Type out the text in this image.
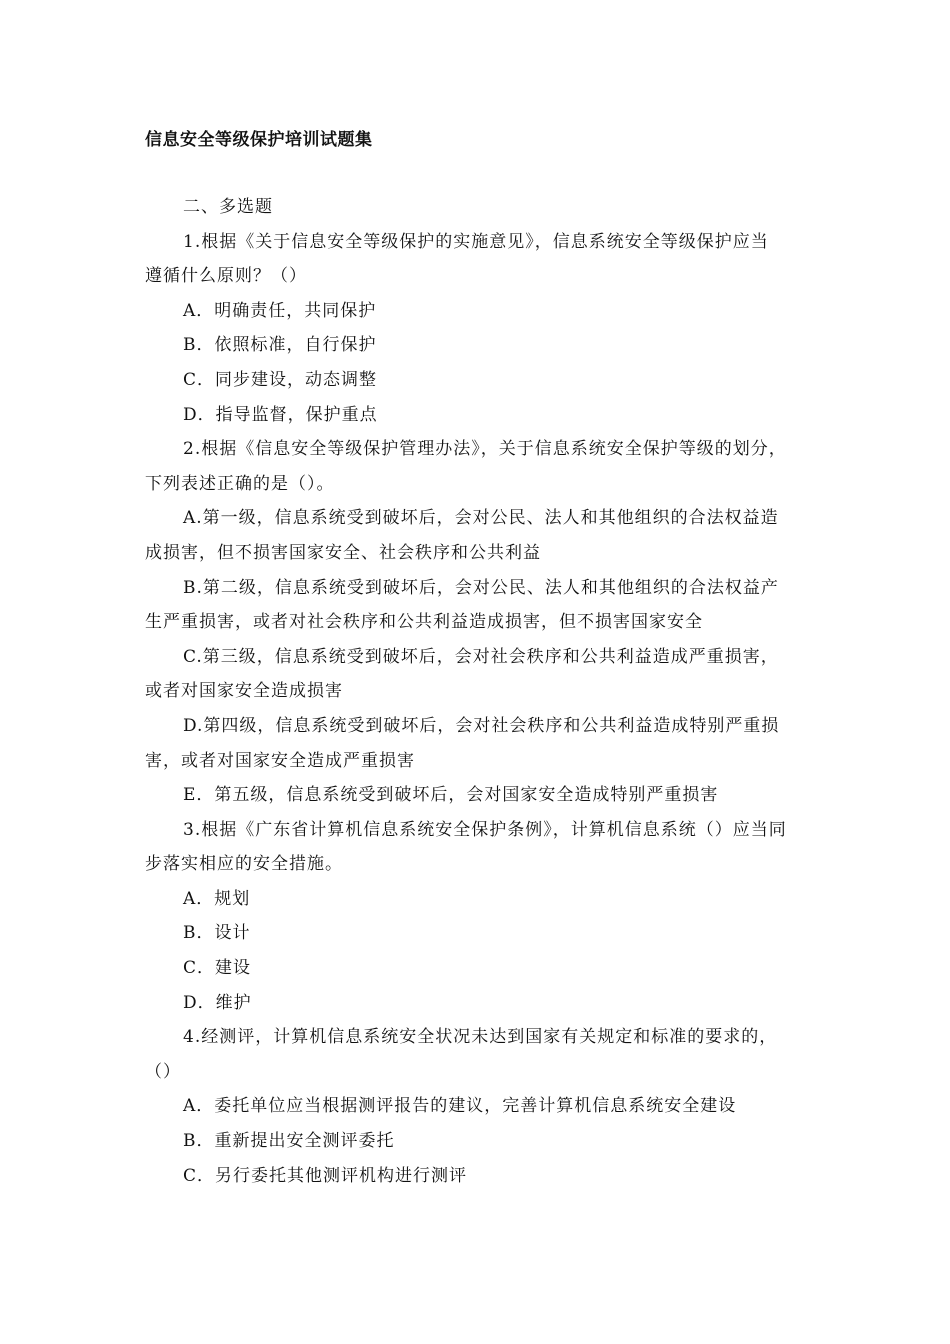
信息安全等级保护培训试题集
二、多选题
1.根据《关于信息安全等级保护的实施意见》，信息系统安全等级保护应当
遵循什么原则？（）
A．明确责任，共同保护
B．依照标准，自行保护
C．同步建设，动态调整
D．指导监督，保护重点
2.根据《信息安全等级保护管理办法》，关于信息系统安全保护等级的划分，
下列表述正确的是（）。
A.第一级，信息系统受到破坏后，会对公民、法人和其他组织的合法权益造
成损害，但不损害国家安全、社会秩序和公共利益
B.第二级，信息系统受到破坏后，会对公民、法人和其他组织的合法权益产
生严重损害，或者对社会秩序和公共利益造成损害，但不损害国家安全
C.第三级，信息系统受到破坏后，会对社会秩序和公共利益造成严重损害，
或者对国家安全造成损害
D.第四级，信息系统受到破坏后，会对社会秩序和公共利益造成特别严重损
害，或者对国家安全造成严重损害
E．第五级，信息系统受到破坏后，会对国家安全造成特别严重损害
3.根据《广东省计算机信息系统安全保护条例》，计算机信息系统（）应当同
步落实相应的安全措施。
A．规划
B．设计
C．建设
D．维护
4.经测评，计算机信息系统安全状况未达到国家有关规定和标准的要求的，
（）
A．委托单位应当根据测评报告的建议，完善计算机信息系统安全建设
B．重新提出安全测评委托
C．另行委托其他测评机构进行测评
